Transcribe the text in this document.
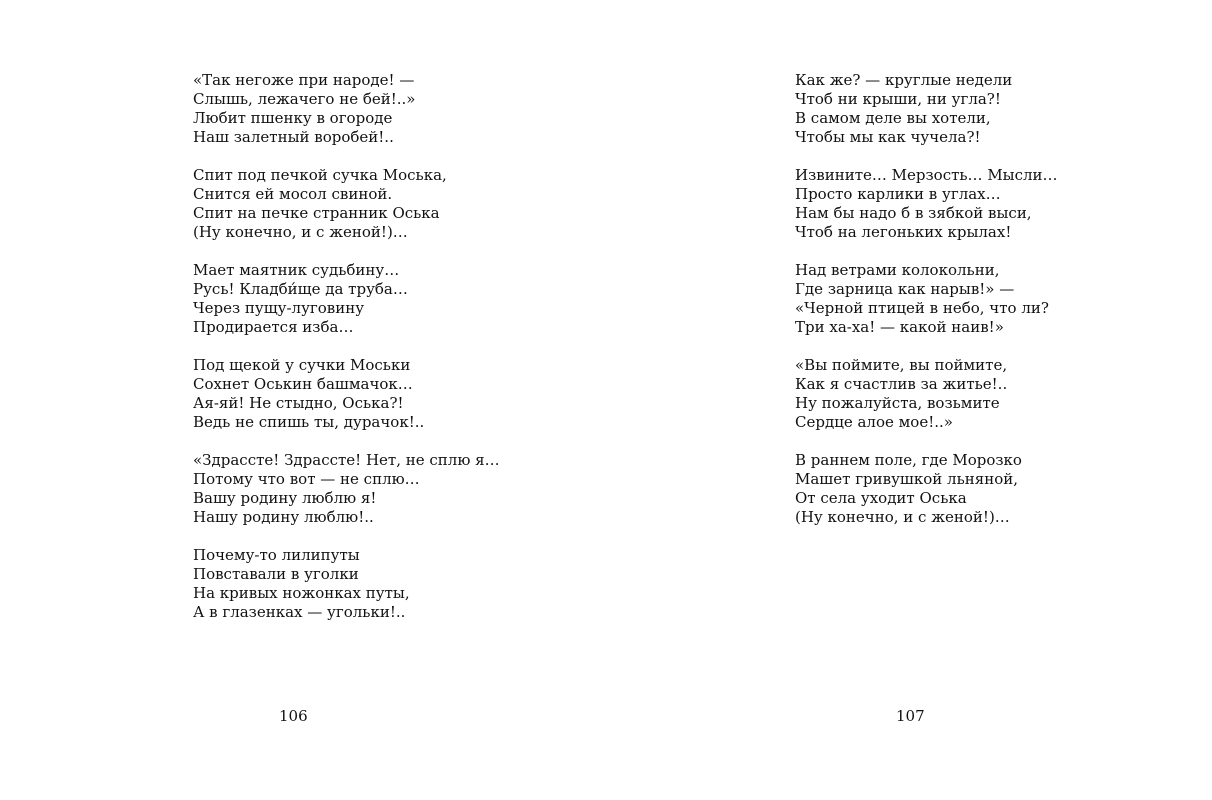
«Так негоже при народе! —
Слышь, лежачего не бей!..»
Любит пшенку в огороде
Наш залетный воробей!..
Спит под печкой сучка Моська,
Снится ей мосол свиной.
Спит на печке странник Оська
(Ну конечно, и с женой!)…
Мает маятник судьбину…
Русь! Кладби́ще да труба…
Через пущу-луговину
Продирается изба…
Под щекой у сучки Моськи
Сохнет Оськин башмачок…
Ая-яй! Не стыдно, Оська?!
Ведь не спишь ты, дурачок!..
«Здрассте! Здрассте! Нет, не сплю я…
Потому что вот — не сплю…
Вашу родину люблю я!
Нашу родину люблю!..
Почему-то лилипуты
Повставали в уголки
На кривых ножонках путы,
А в глазенках — угольки!..
106
Как же? — круглые недели
Чтоб ни крыши, ни угла?!
В самом деле вы хотели,
Чтобы мы как чучела?!
Извините… Мерзость… Мысли…
Просто карлики в углах…
Нам бы надо б в зябкой выси,
Чтоб на легоньких крылах!
Над ветрами колокольни,
Где зарница как нарыв!» —
«Черной птицей в небо, что ли?
Три ха-ха! — какой наив!»
«Вы поймите, вы поймите,
Как я счастлив за житье!..
Ну пожалуйста, возьмите
Сердце алое мое!..»
В раннем поле, где Морозко
Машет гривушкой льняной,
От села уходит Оська
(Ну конечно, и с женой!)…
107
